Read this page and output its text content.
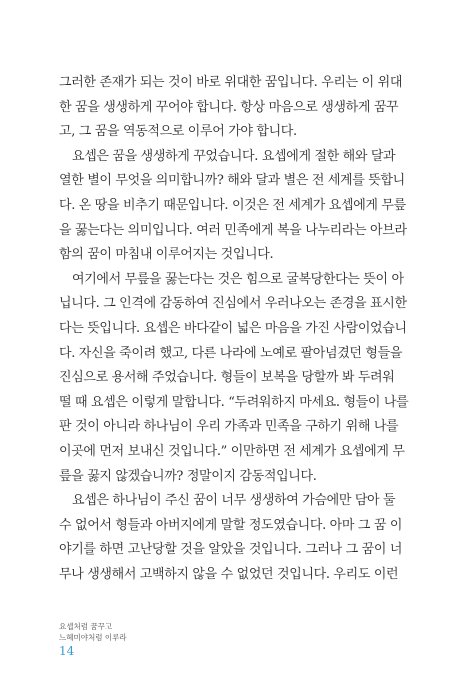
그러한 존재가 되는 것이 바로 위대한 꿈입니다. 우리는 이 위대
한 꿈을 생생하게 꾸어야 합니다. 항상 마음으로 생생하게 꿈꾸
고, 그 꿈을 역동적으로 이루어 가야 합니다.
요셉은 꿈을 생생하게 꾸었습니다. 요셉에게 절한 해와 달과
열한 별이 무엇을 의미합니까? 해와 달과 별은 전 세계를 뜻합니
다. 온 땅을 비추기 때문입니다. 이것은 전 세계가 요셉에게 무릎
을 꿇는다는 의미입니다. 여러 민족에게 복을 나누리라는 아브라
함의 꿈이 마침내 이루어지는 것입니다.
여기에서 무릎을 꿇는다는 것은 힘으로 굴복당한다는 뜻이 아
닙니다. 그 인격에 감동하여 진심에서 우러나오는 존경을 표시한
다는 뜻입니다. 요셉은 바다같이 넓은 마음을 가진 사람이었습니
다. 자신을 죽이려 했고, 다른 나라에 노예로 팔아넘겼던 형들을
진심으로 용서해 주었습니다. 형들이 보복을 당할까 봐 두려워
떨 때 요셉은 이렇게 말합니다. “두려워하지 마세요. 형들이 나를
판 것이 아니라 하나님이 우리 가족과 민족을 구하기 위해 나를
이곳에 먼저 보내신 것입니다.” 이만하면 전 세계가 요셉에게 무
릎을 꿇지 않겠습니까? 정말이지 감동적입니다.
요셉은 하나님이 주신 꿈이 너무 생생하여 가슴에만 담아 둘
수 없어서 형들과 아버지에게 말할 정도였습니다. 아마 그 꿈 이
야기를 하면 고난당할 것을 알았을 것입니다. 그러나 그 꿈이 너
무나 생생해서 고백하지 않을 수 없었던 것입니다. 우리도 이런
요셉처럼 꿈꾸고
느헤미야처럼 이루라
14
